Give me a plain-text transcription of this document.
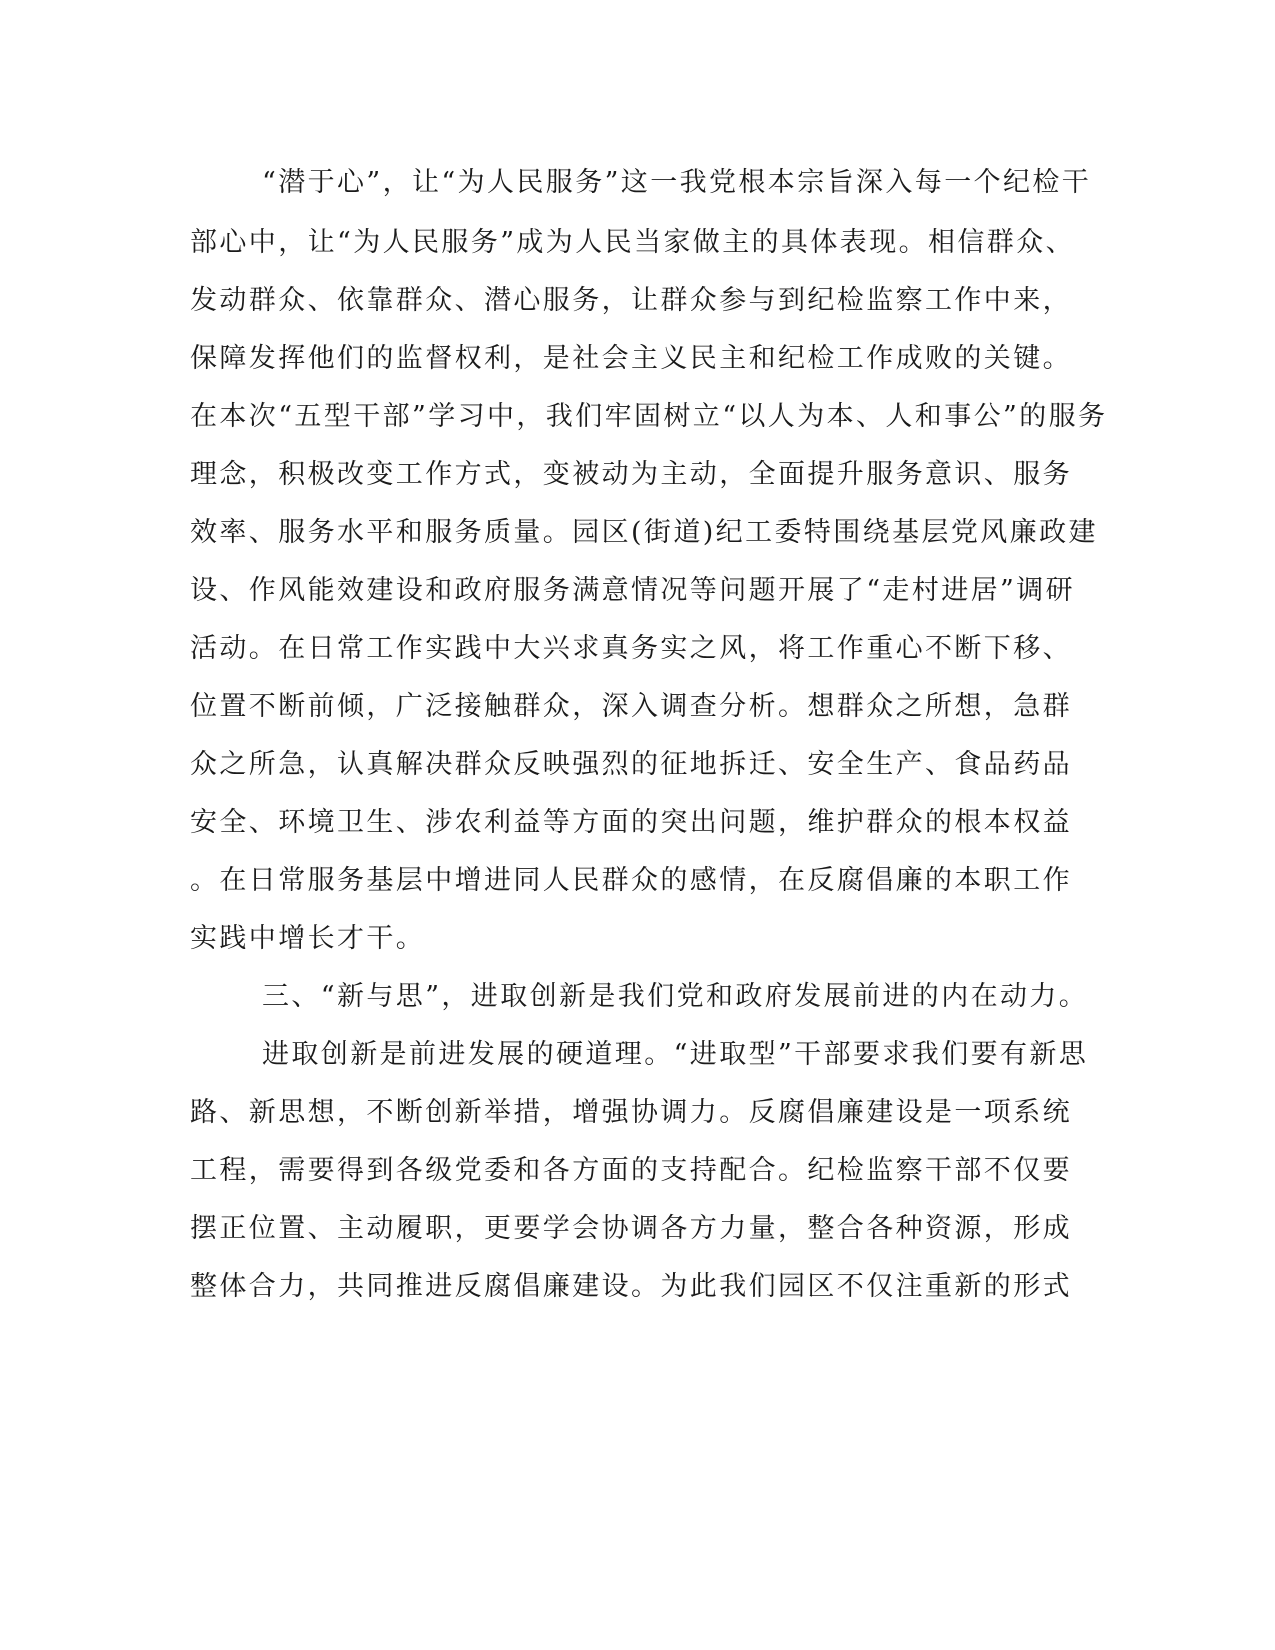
“潜于心”，让“为人民服务”这一我党根本宗旨深入每一个纪检干
部心中，让“为人民服务”成为人民当家做主的具体表现。相信群众、
发动群众、依靠群众、潜心服务，让群众参与到纪检监察工作中来，
保障发挥他们的监督权利，是社会主义民主和纪检工作成败的关键。
在本次“五型干部”学习中，我们牢固树立“以人为本、人和事公”的服务
理念，积极改变工作方式，变被动为主动，全面提升服务意识、服务
效率、服务水平和服务质量。园区(街道)纪工委特围绕基层党风廉政建
设、作风能效建设和政府服务满意情况等问题开展了“走村进居”调研
活动。在日常工作实践中大兴求真务实之风，将工作重心不断下移、
位置不断前倾，广泛接触群众，深入调查分析。想群众之所想，急群
众之所急，认真解决群众反映强烈的征地拆迁、安全生产、食品药品
安全、环境卫生、涉农利益等方面的突出问题，维护群众的根本权益
。在日常服务基层中增进同人民群众的感情，在反腐倡廉的本职工作
实践中增长才干。
三、“新与思”，进取创新是我们党和政府发展前进的内在动力。
进取创新是前进发展的硬道理。“进取型”干部要求我们要有新思
路、新思想，不断创新举措，增强协调力。反腐倡廉建设是一项系统
工程，需要得到各级党委和各方面的支持配合。纪检监察干部不仅要
摆正位置、主动履职，更要学会协调各方力量，整合各种资源，形成
整体合力，共同推进反腐倡廉建设。为此我们园区不仅注重新的形式
